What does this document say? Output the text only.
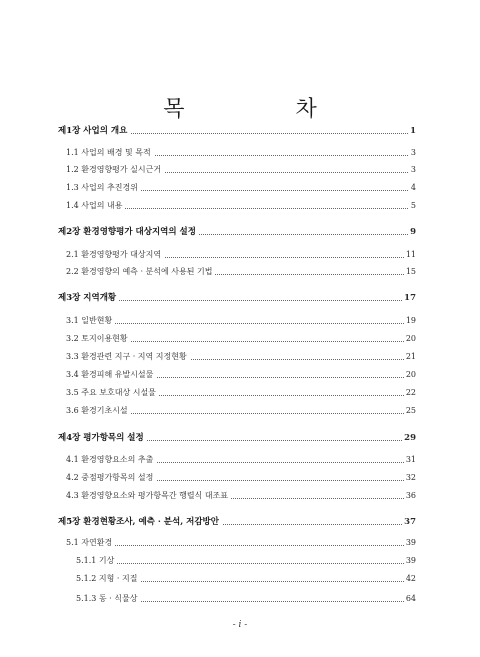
목 차
제1장 사업의 개요	1
1.1 사업의 배경 및 목적	3
1.2 환경영향평가 실시근거	3
1.3 사업의 추진경위	4
1.4 사업의 내용	5
제2장 환경영향평가 대상지역의 설정	9
2.1 환경영향평가 대상지역	11
2.2 환경영향의 예측 · 분석에 사용된 기법	15
제3장 지역개황	17
3.1 일반현황	19
3.2 토지이용현황	20
3.3 환경관련 지구 · 지역 지정현황	21
3.4 환경피해 유발시설물	20
3.5 주요 보호대상 시설물	22
3.6 환경기초시설	25
제4장 평가항목의 설정	29
4.1 환경영향요소의 추출	31
4.2 중점평가항목의 설정	32
4.3 환경영향요소와 평가항목간 행렬식 대조표	36
제5장 환경현황조사, 예측 · 분석, 저감방안	37
5.1 자연환경	39
5.1.1 기상	39
5.1.2 지형 · 지질	42
5.1.3 동 · 식물상	64
- i -
